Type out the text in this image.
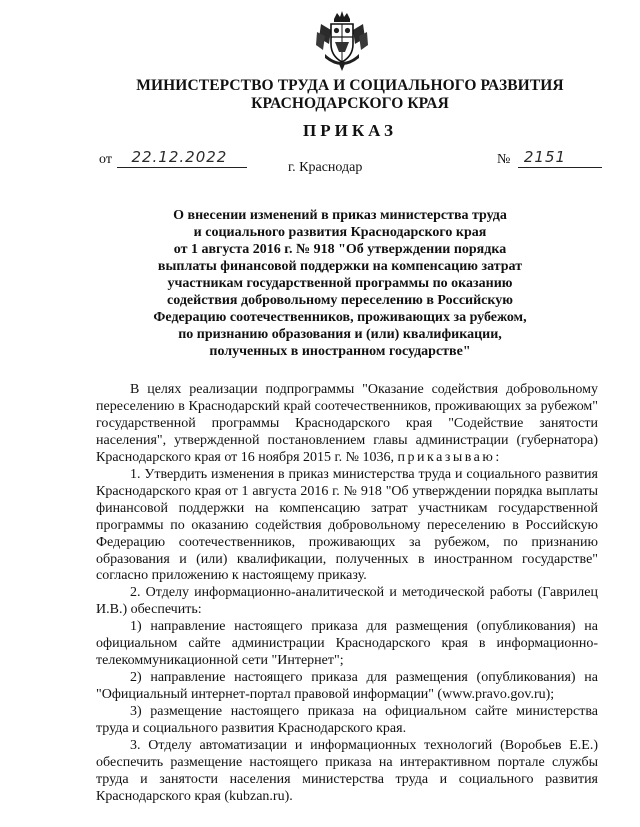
МИНИСТЕРСТВО ТРУДА И СОЦИАЛЬНОГО РАЗВИТИЯ
КРАСНОДАРСКОГО КРАЯ
ПРИКАЗ
от 22.12.2022	№ 2151
г. Краснодар
О внесении изменений в приказ министерства труда
и социального развития Краснодарского края
от 1 августа 2016 г. № 918 "Об утверждении порядка
выплаты финансовой поддержки на компенсацию затрат
участникам государственной программы по оказанию
содействия добровольному переселению в Российскую
Федерацию соотечественников, проживающих за рубежом,
по признанию образования и (или) квалификации,
полученных в иностранном государстве"

В целях реализации подпрограммы "Оказание содействия добровольному переселению в Краснодарский край соотечественников, проживающих за рубежом" государственной программы Краснодарского края "Содействие занятости населения", утвержденной постановлением главы администрации (губернатора) Краснодарского края от 16 ноября 2015 г. № 1036, приказываю:

1. Утвердить изменения в приказ министерства труда и социального развития Краснодарского края от 1 августа 2016 г. № 918 "Об утверждении порядка выплаты финансовой поддержки на компенсацию затрат участникам государственной программы по оказанию содействия добровольному переселению в Российскую Федерацию соотечественников, проживающих за рубежом, по признанию образования и (или) квалификации, полученных в иностранном государстве" согласно приложению к настоящему приказу.

2. Отделу информационно-аналитической и методической работы (Гаврилец И.В.) обеспечить:

1) направление настоящего приказа для размещения (опубликования) на официальном сайте администрации Краснодарского края в информационно-телекоммуникационной сети "Интернет";

2) направление настоящего приказа для размещения (опубликования) на "Официальный интернет-портал правовой информации" (www.pravo.gov.ru);

3) размещение настоящего приказа на официальном сайте министерства труда и социального развития Краснодарского края.

3. Отделу автоматизации и информационных технологий (Воробьев Е.Е.) обеспечить размещение настоящего приказа на интерактивном портале службы труда и занятости населения министерства труда и социального развития Краснодарского края (kubzan.ru).
